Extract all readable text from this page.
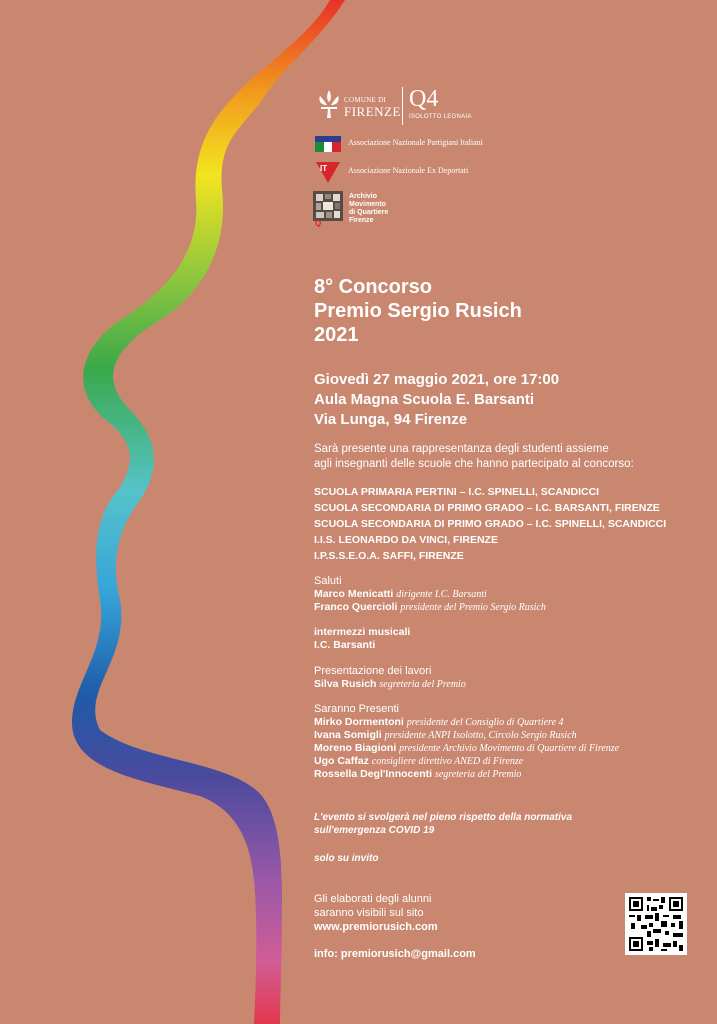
COMUNE DI
FIRENZE Q4
ISOLOTTO LEGNAIA
Associazione Nazionale Partigiani Italiani
IT	Associazione Nazionale Ex Deportati
Q
Archivio
Movimento
di Quartiere
Firenze
8° Concorso
Premio Sergio Rusich
2021
Giovedì 27 maggio 2021, ore 17:00
Aula Magna Scuola E. Barsanti
Via Lunga, 94 Firenze
Sarà presente una rappresentanza degli studenti assieme
agli insegnanti delle scuole che hanno partecipato al concorso:
SCUOLA PRIMARIA PERTINI – I.C. SPINELLI, SCANDICCI
SCUOLA SECONDARIA DI PRIMO GRADO – I.C. BARSANTI, FIRENZE
SCUOLA SECONDARIA DI PRIMO GRADO – I.C. SPINELLI, SCANDICCI
I.I.S. LEONARDO DA VINCI, FIRENZE
I.P.S.S.E.O.A. SAFFI, FIRENZE
Saluti
Marco Menicatti dirigente I.C. Barsanti
Franco Quercioli presidente del Premio Sergio Rusich
intermezzi musicali
I.C. Barsanti
Presentazione dei lavori
Silva Rusich segreteria del Premio
Saranno Presenti
Mirko Dormentoni presidente del Consiglio di Quartiere 4
Ivana Somigli presidente ANPI Isolotto, Circolo Sergio Rusich
Moreno Biagioni presidente Archivio Movimento di Quartiere di Firenze
Ugo Caffaz consigliere direttivo ANED di Firenze
Rossella Degl'Innocenti segreteria del Premio
L'evento si svolgerà nel pieno rispetto della normativa
sull'emergenza COVID 19
solo su invito
Gli elaborati degli alunni
saranno visibili sul sito
www.premiorusich.com
info: premiorusich@gmail.com
